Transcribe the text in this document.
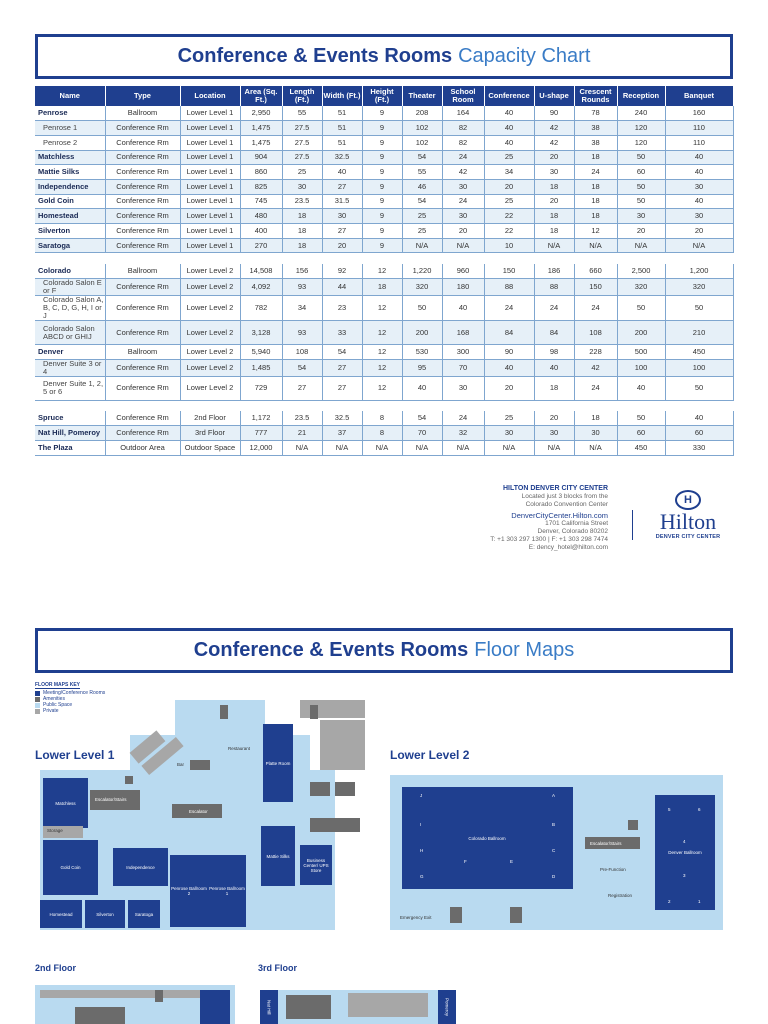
Conference & Events Rooms Capacity Chart
Name	Type	Location	Area (Sq. Ft.)	Length (Ft.)	Width (Ft.)	Height (Ft.)	Theater	School Room	Conference	U-shape	Crescent Rounds	Reception	Banquet
Penrose	Ballroom	Lower Level 1	2,950	55	51	9	208	164	40	90	78	240	160
Penrose 1	Conference Rm	Lower Level 1	1,475	27.5	51	9	102	82	40	42	38	120	110
Penrose 2	Conference Rm	Lower Level 1	1,475	27.5	51	9	102	82	40	42	38	120	110
Matchless	Conference Rm	Lower Level 1	904	27.5	32.5	9	54	24	25	20	18	50	40
Mattie Silks	Conference Rm	Lower Level 1	860	25	40	9	55	42	34	30	24	60	40
Independence	Conference Rm	Lower Level 1	825	30	27	9	46	30	20	18	18	50	30
Gold Coin	Conference Rm	Lower Level 1	745	23.5	31.5	9	54	24	25	20	18	50	40
Homestead	Conference Rm	Lower Level 1	480	18	30	9	25	30	22	18	18	30	30
Silverton	Conference Rm	Lower Level 1	400	18	27	9	25	20	22	18	12	20	20
Saratoga	Conference Rm	Lower Level 1	270	18	20	9	N/A	N/A	10	N/A	N/A	N/A	N/A

Colorado	Ballroom	Lower Level 2	14,508	156	92	12	1,220	960	150	186	660	2,500	1,200
Colorado Salon E or F	Conference Rm	Lower Level 2	4,092	93	44	18	320	180	88	88	150	320	320
Colorado Salon A, B, C, D, G, H, I or J	Conference Rm	Lower Level 2	782	34	23	12	50	40	24	24	24	50	50
Colorado Salon ABCD or GHIJ	Conference Rm	Lower Level 2	3,128	93	33	12	200	168	84	84	108	200	210
Denver	Ballroom	Lower Level 2	5,940	108	54	12	530	300	90	98	228	500	450
Denver Suite 3 or 4	Conference Rm	Lower Level 2	1,485	54	27	12	95	70	40	40	42	100	100
Denver Suite 1, 2, 5 or 6	Conference Rm	Lower Level 2	729	27	27	12	40	30	20	18	24	40	50

Spruce	Conference Rm	2nd Floor	1,172	23.5	32.5	8	54	24	25	20	18	50	40
Nat Hill, Pomeroy	Conference Rm	3rd Floor	777	21	37	8	70	32	30	30	30	60	60
The Plaza	Outdoor Area	Outdoor Space	12,000	N/A	N/A	N/A	N/A	N/A	N/A	N/A	N/A	450	330
HILTON DENVER CITY CENTER
Located just 3 blocks from the
Colorado Convention Center
DenverCityCenter.Hilton.com
1701 California Street
Denver, Colorado 80202
T: +1 303 297 1300 | F: +1 303 298 7474
E: dency_hotel@hilton.com
H
Hilton
DENVER CITY CENTER
Conference & Events Rooms Floor Maps
FLOOR MAPS KEY
Meeting/Conference Rooms
Amenities
Public Space
Private
Lower Level 1
Escalator/Stairs
Escalator
Bar
Restaurant
Matchless
Storage
Gold Coin	Independence
Penrose Ballroom 2
Penrose Ballroom 1
Platte Room
Mattie Silks
Business Center/ UPS Store
Homestead	Silverton	Saratoga
Lower Level 2
Colorado Ballroom
J	A
I	B
H	C
G	D
F	E
Denver Ballroom
5	6
4
3
2	1
Escalator/Stairs
Pre-Function
Registration
Emergency Exit
2nd Floor	3rd Floor
Nat Hill	Pomeroy
